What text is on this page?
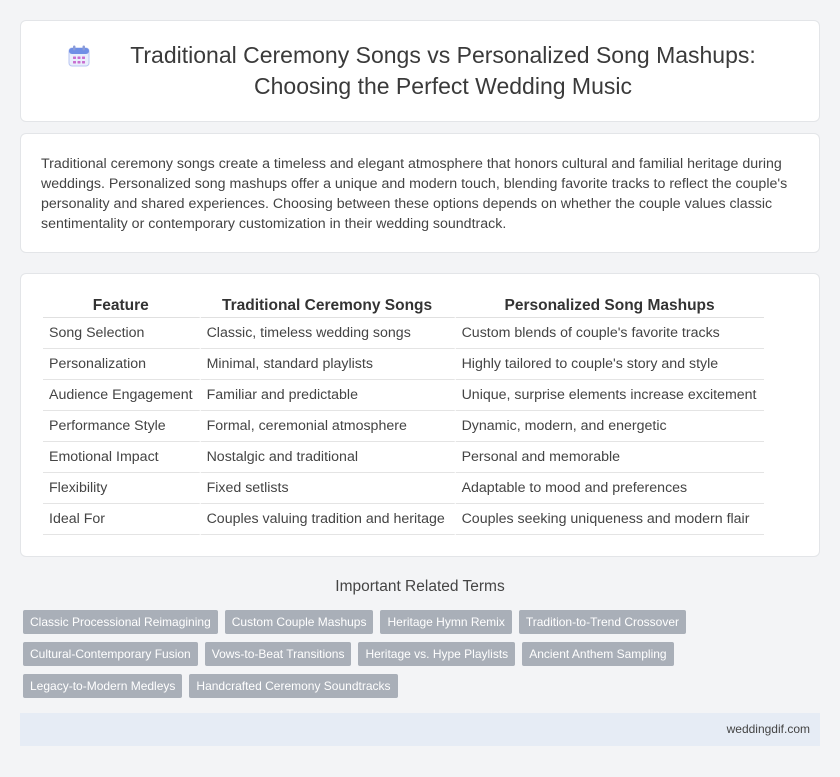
Traditional Ceremony Songs vs Personalized Song Mashups: Choosing the Perfect Wedding Music

Traditional ceremony songs create a timeless and elegant atmosphere that honors cultural and familial heritage during weddings. Personalized song mashups offer a unique and modern touch, blending favorite tracks to reflect the couple's personality and shared experiences. Choosing between these options depends on whether the couple values classic sentimentality or contemporary customization in their wedding soundtrack.

Feature	Traditional Ceremony Songs	Personalized Song Mashups
Song Selection	Classic, timeless wedding songs	Custom blends of couple's favorite tracks
Personalization	Minimal, standard playlists	Highly tailored to couple's story and style
Audience Engagement	Familiar and predictable	Unique, surprise elements increase excitement
Performance Style	Formal, ceremonial atmosphere	Dynamic, modern, and energetic
Emotional Impact	Nostalgic and traditional	Personal and memorable
Flexibility	Fixed setlists	Adaptable to mood and preferences
Ideal For	Couples valuing tradition and heritage	Couples seeking uniqueness and modern flair
Important Related Terms
Classic Processional Reimagining	Custom Couple Mashups	Heritage Hymn Remix	Tradition-to-Trend Crossover
Cultural-Contemporary Fusion	Vows-to-Beat Transitions	Heritage vs. Hype Playlists	Ancient Anthem Sampling
Legacy-to-Modern Medleys	Handcrafted Ceremony Soundtracks
weddingdif.com
